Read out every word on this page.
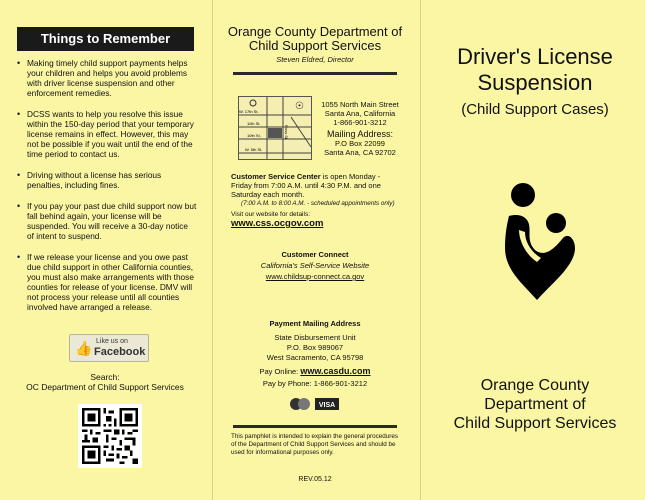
Things to Remember
• Making timely child support payments helps your children and helps you avoid problems with driver license suspension and other enforcement remedies.
• DCSS wants to help you resolve this issue within the 150-day period that your temporary license remains in effect. However, this may not be possible if you wait until the end of the time period to contact us.
• Driving without a license has serious penalties, including fines.
• If you pay your past due child support now but fall behind again, your license will be suspended. You will receive a 30-day notice of intent to suspend.
• If we release your license and you owe past due child support in other California counties, you must also make arrangements with those counties for release of your license. DMV will not process your release until all counties involved have arranged a release.
👍 Like us on
Facebook
Search:
OC Department of Child Support Services
Orange County Department of
Child Support Services
Steven Eldred, Director
W. 17th St.
11th St.
10th St.
W. 5th St.
Ross St.
☉	1055 North Main Street
Santa Ana, California
1-866-901-3212
Mailing Address:
P.O Box 22099
Santa Ana, CA 92702
Customer Service Center is open Monday - Friday from 7:00 A.M. until 4:30 P.M. and one Saturday each month.
(7:00 A.M. to 8:00 A.M. - scheduled appointments only)
Visit our website for details: www.css.ocgov.com
Customer Connect
California's Self-Service Website
www.childsup-connect.ca.gov
Payment Mailing Address
State Disbursement Unit
P.O. Box 989067
West Sacramento, CA 95798
Pay Online: www.casdu.com
Pay by Phone: 1-866-901-3212
VISA
This pamphlet is intended to explain the general procedures of the Department of Child Support Services and should be used for informational purposes only.
REV.05.12
Driver's License
Suspension
(Child Support Cases)
Orange County
Department of
Child Support Services
